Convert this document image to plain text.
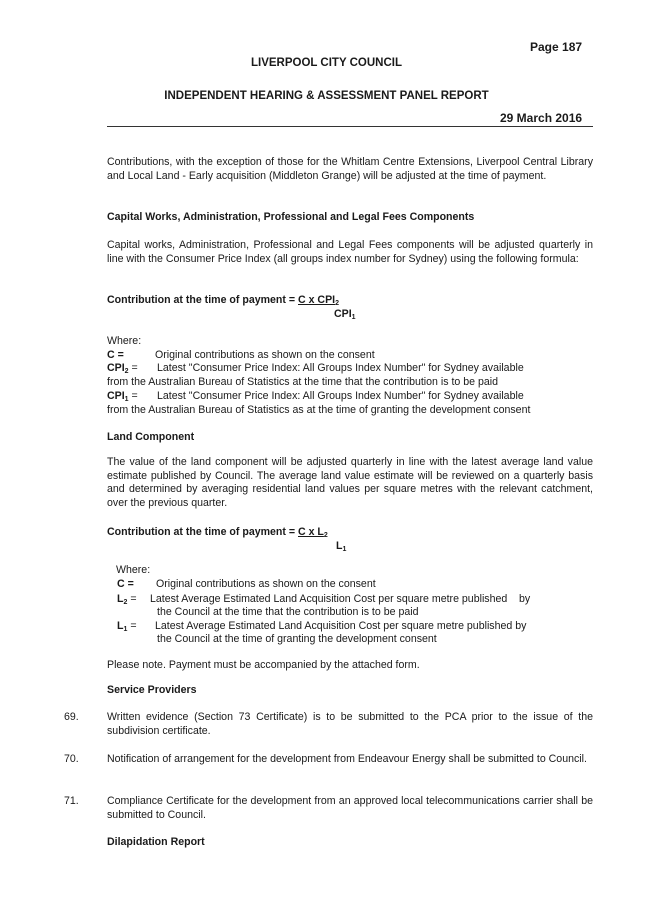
Page 187
LIVERPOOL CITY COUNCIL
INDEPENDENT HEARING & ASSESSMENT PANEL REPORT
29 March 2016
Contributions, with the exception of those for the Whitlam Centre Extensions, Liverpool Central Library and Local Land - Early acquisition (Middleton Grange) will be adjusted at the time of payment.
Capital Works, Administration, Professional and Legal Fees Components
Capital works, Administration, Professional and Legal Fees components will be adjusted quarterly in line with the Consumer Price Index (all groups index number for Sydney) using the following formula:
Contribution at the time of payment = C x $CPI_2$
$CPI_1$
Where:
C =	Original contributions as shown on the consent
$CPI_2$ = Latest "Consumer Price Index: All Groups Index Number" for Sydney available
from the Australian Bureau of Statistics at the time that the contribution is to be paid
$CPI_1$ = Latest "Consumer Price Index: All Groups Index Number" for Sydney available
from the Australian Bureau of Statistics as at the time of granting the development consent
Land Component
The value of the land component will be adjusted quarterly in line with the latest average land value estimate published by Council. The average land value estimate will be reviewed on a quarterly basis and determined by averaging residential land values per square metres with the relevant catchment, over the previous quarter.
Contribution at the time of payment = C x $L_2$
$L_1$
Where:
C = Original contributions as shown on the consent
$L_2$ = Latest Average Estimated Land Acquisition Cost per square metre published    by
the Council at the time that the contribution is to be paid
$L_1$ = Latest Average Estimated Land Acquisition Cost per square metre published by
the Council at the time of granting the development consent
Please note. Payment must be accompanied by the attached form.
Service Providers
69.	Written evidence (Section 73 Certificate) is to be submitted to the PCA prior to the issue of the subdivision certificate.
70.	Notification of arrangement for the development from Endeavour Energy shall be submitted to Council.
71.	Compliance Certificate for the development from an approved local telecommunications carrier shall be submitted to Council.
Dilapidation Report
